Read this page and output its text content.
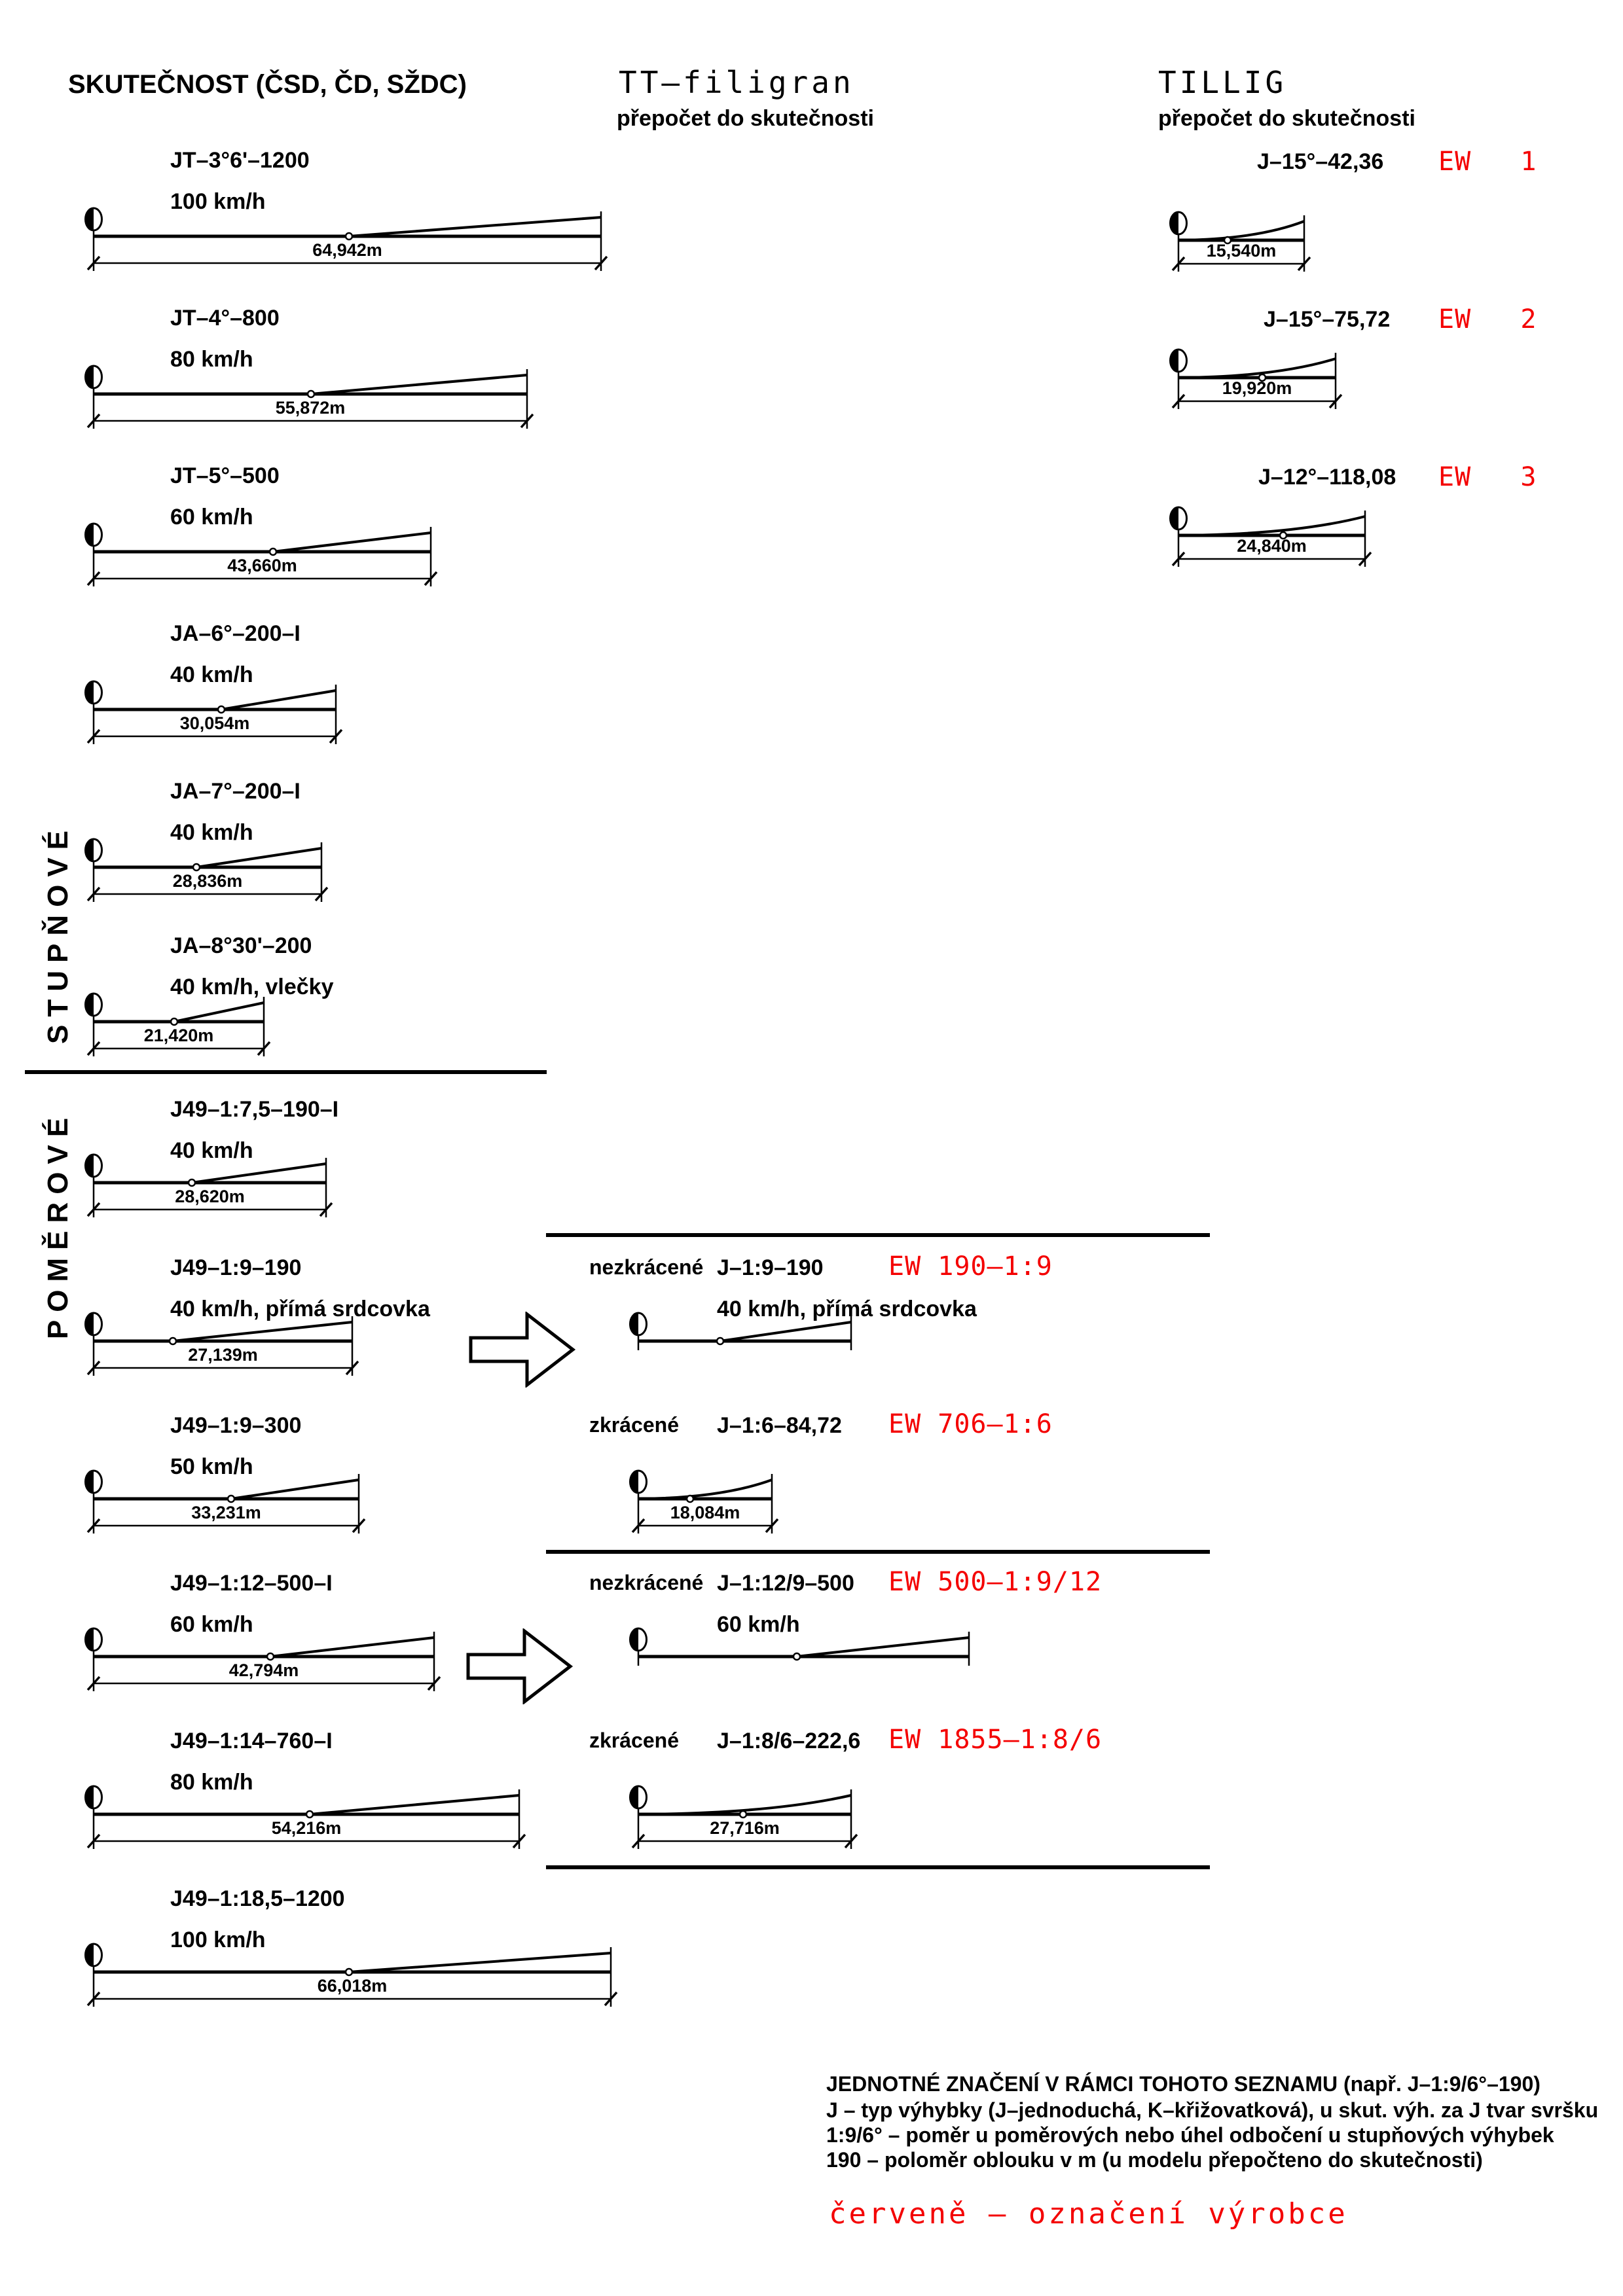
SKUTEČNOST (ČSD, ČD, SŽDC)	TT–filigran
přepočet do skutečnosti
TILLIG
přepočet do skutečnosti
STUPŇOVÉ
POMĚROVÉ
JT–3°6'–1200
100 km/h
64,942m
JT–4°–800
80 km/h
55,872m
JT–5°–500
60 km/h
43,660m
JA–6°–200–I
40 km/h
30,054m
JA–7°–200–I
40 km/h
28,836m
JA–8°30'–200
40 km/h, vlečky
21,420m
J49–1:7,5–190–I
40 km/h
28,620m
J49–1:9–190
40 km/h, přímá srdcovka
27,139m
J49–1:9–300
50 km/h
33,231m
J49–1:12–500–I
60 km/h
42,794m
J49–1:14–760–I
80 km/h
54,216m
J49–1:18,5–1200
100 km/h
66,018m
J–15°–42,36 EW   1
15,540m
J–15°–75,72 EW   2
19,920m
J–12°–118,08 EW   3
24,840m
nezkrácené J–1:9–190 EW 190–1:9
40 km/h, přímá srdcovka
zkrácené J–1:6–84,72 EW 706–1:6
18,084m
nezkrácené J–1:12/9–500 EW 500–1:9/12
60 km/h
zkrácené J–1:8/6–222,6 EW 1855–1:8/6
27,716m
JEDNOTNÉ ZNAČENÍ V RÁMCI TOHOTO SEZNAMU (např. J–1:9/6°–190)
J – typ výhybky (J–jednoduchá, K–křižovatková), u skut. výh. za J tvar svršku
1:9/6° – poměr u poměrových nebo úhel odbočení u stupňových výhybek
190 – poloměr oblouku v m (u modelu přepočteno do skutečnosti)
červeně – označení výrobce
